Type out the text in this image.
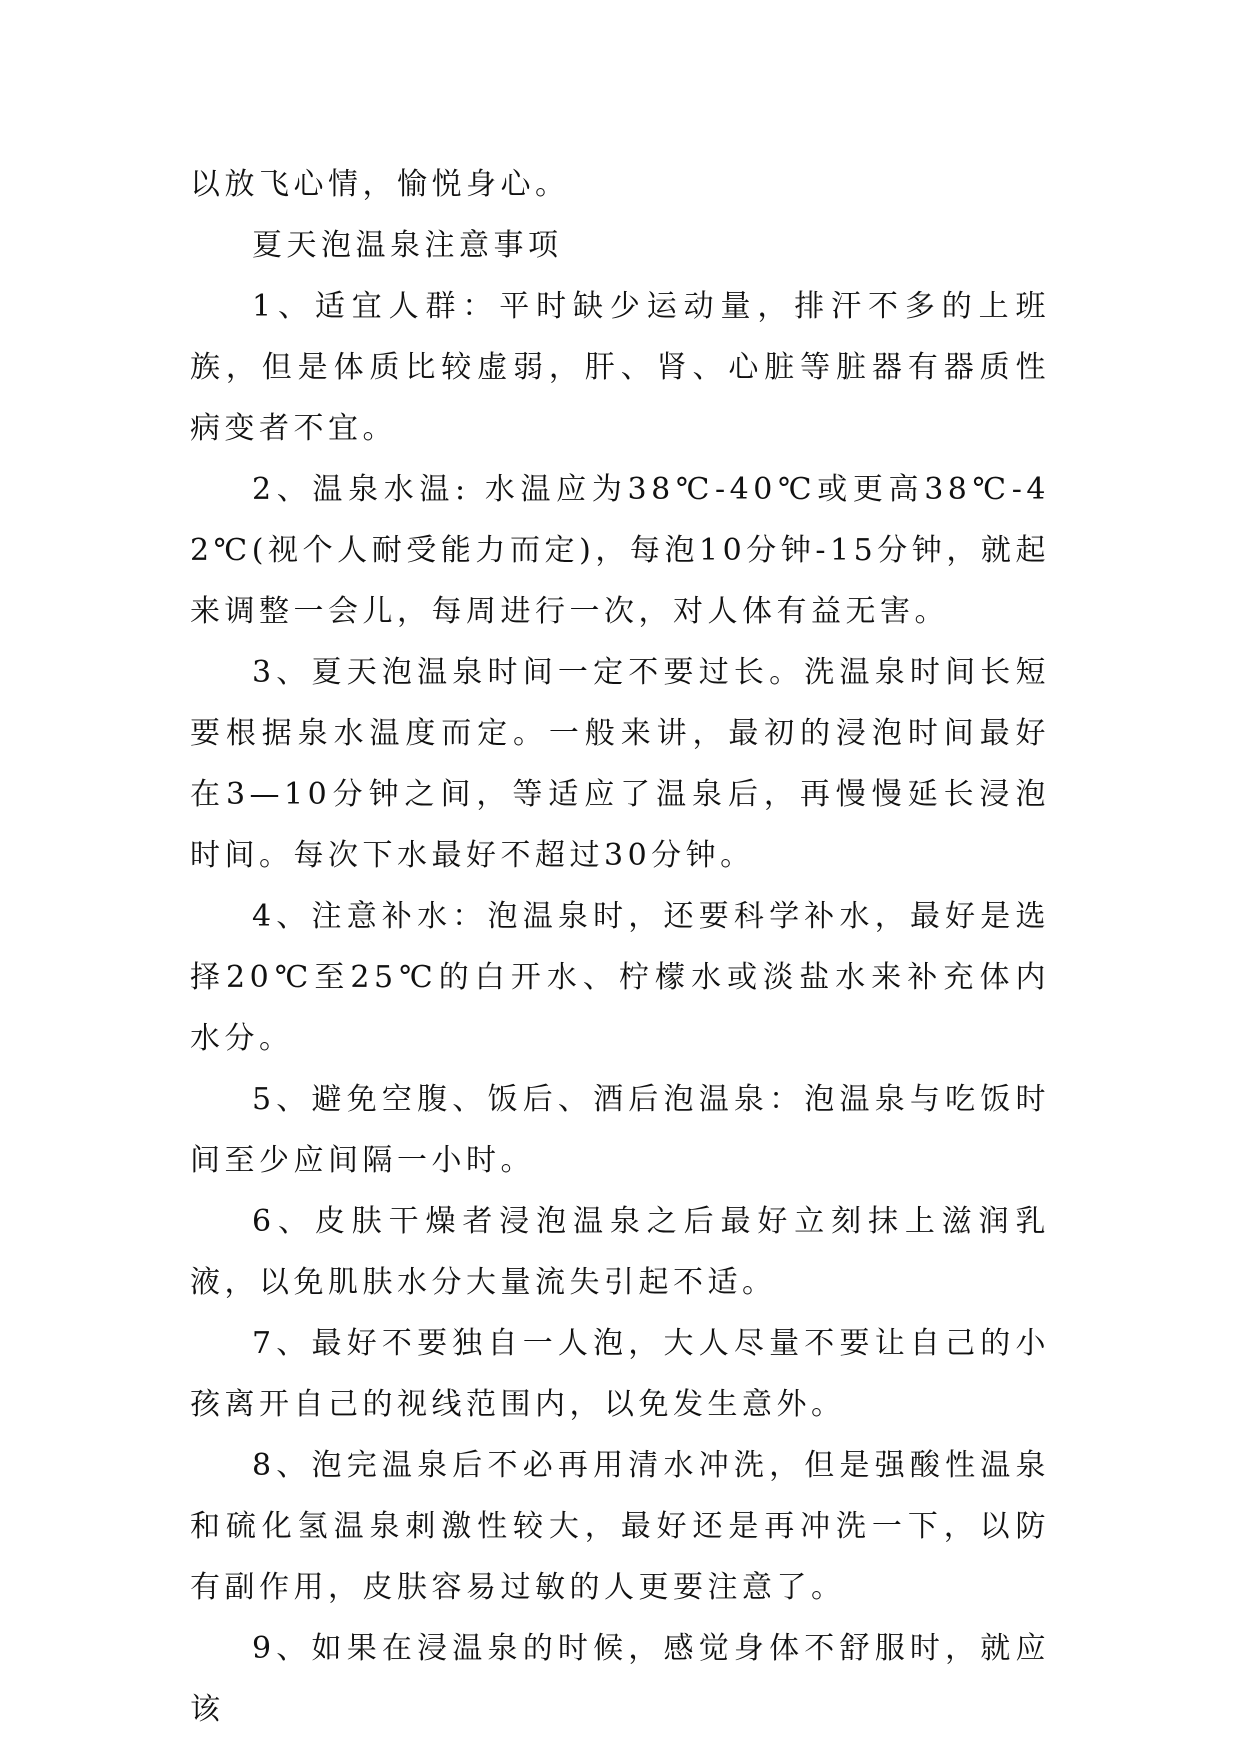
以放飞心情，愉悦身心。

夏天泡温泉注意事项

1、适宜人群：平时缺少运动量，排汗不多的上班族，但是体质比较虚弱，肝、肾、心脏等脏器有器质性病变者不宜。

2、温泉水温: 水温应为38℃-40℃或更高38℃-42℃(视个人耐受能力而定)，每泡10分钟-15分钟，就起来调整一会儿，每周进行一次，对人体有益无害。

3、夏天泡温泉时间一定不要过长。洗温泉时间长短要根据泉水温度而定。一般来讲，最初的浸泡时间最好在3—10分钟之间，等适应了温泉后，再慢慢延长浸泡时间。每次下水最好不超过30分钟。

4、注意补水：泡温泉时，还要科学补水，最好是选择20℃至25℃的白开水、柠檬水或淡盐水来补充体内水分。

5、避免空腹、饭后、酒后泡温泉：泡温泉与吃饭时间至少应间隔一小时。

6、皮肤干燥者浸泡温泉之后最好立刻抹上滋润乳液，以免肌肤水分大量流失引起不适。

7、最好不要独自一人泡，大人尽量不要让自己的小孩离开自己的视线范围内，以免发生意外。

8、泡完温泉后不必再用清水冲洗，但是强酸性温泉和硫化氢温泉刺激性较大，最好还是再冲洗一下，以防有副作用，皮肤容易过敏的人更要注意了。

9、如果在浸温泉的时候，感觉身体不舒服时，就应该
